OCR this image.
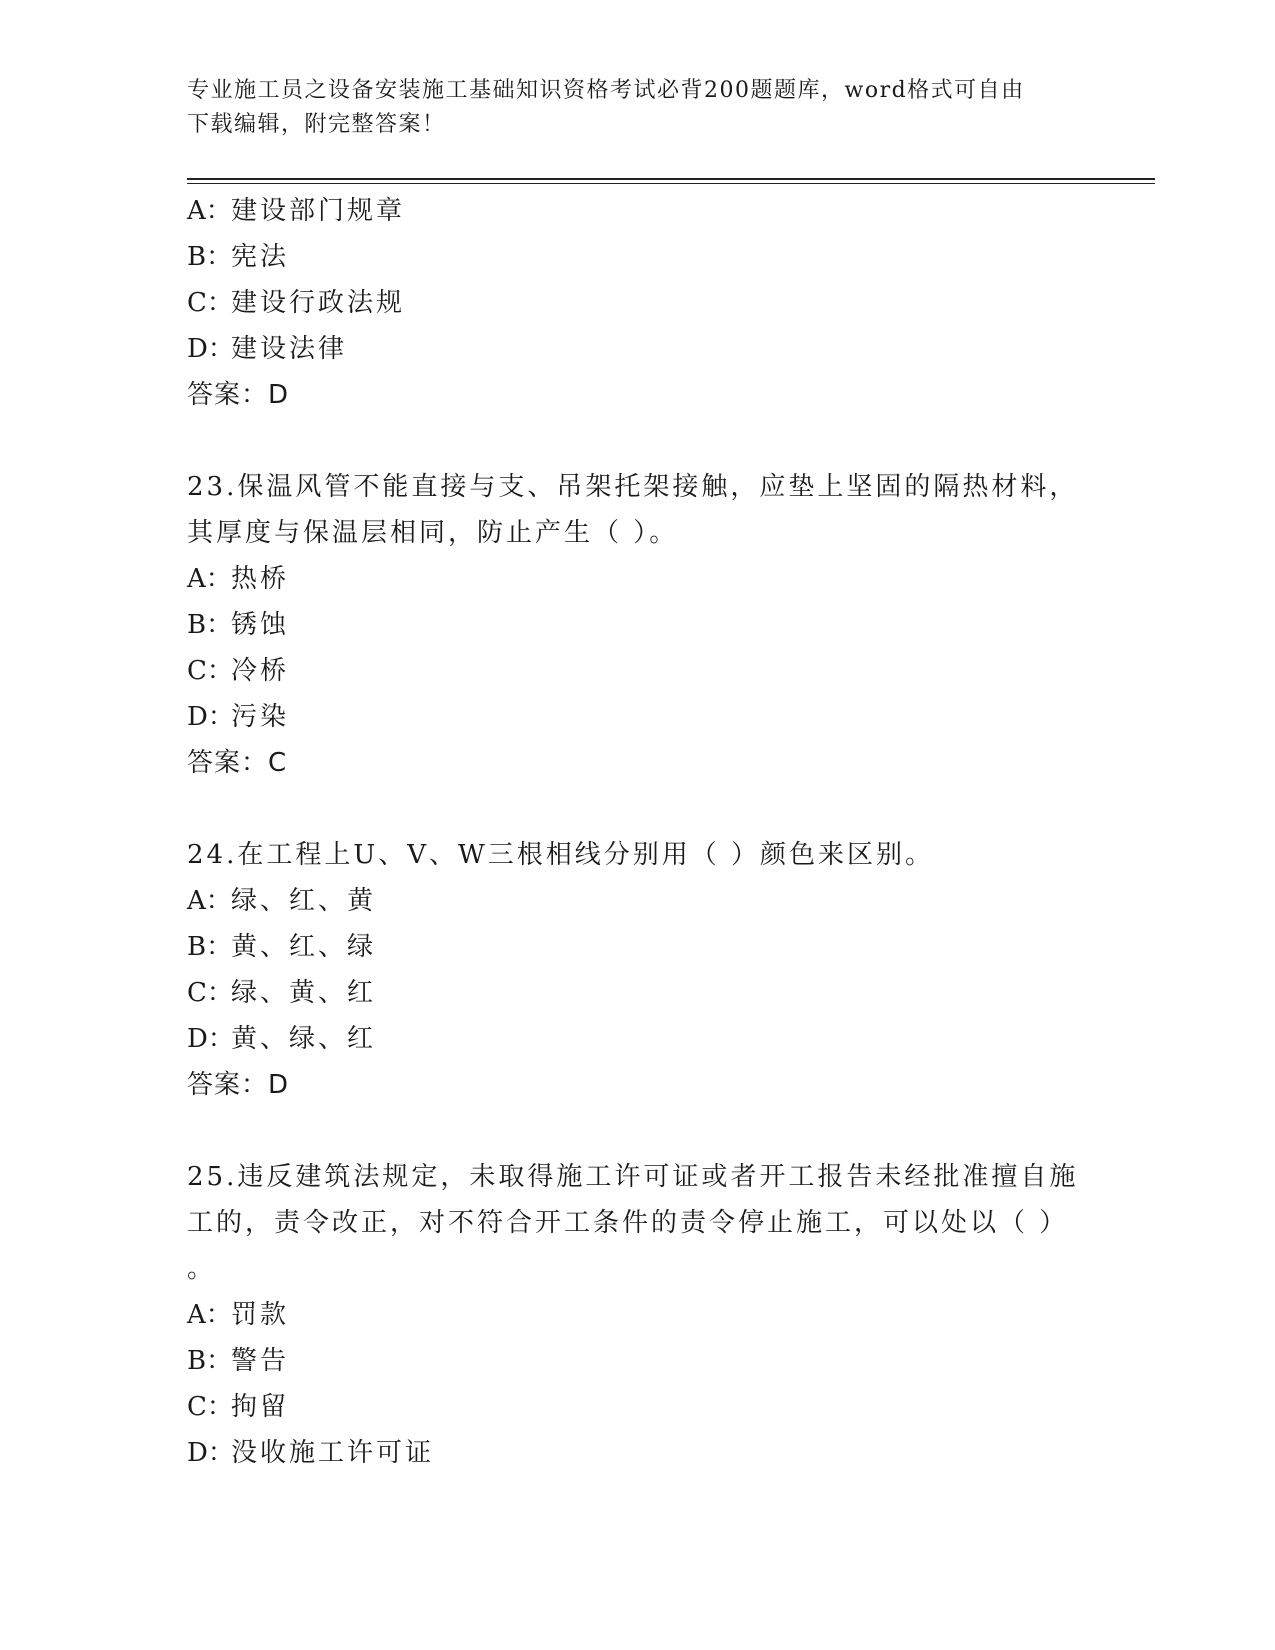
专业施工员之设备安装施工基础知识资格考试必背200题题库，word格式可自由
下载编辑，附完整答案！
A：建设部门规章
B：宪法
C：建设行政法规
D：建设法律
答案：D
23.保温风管不能直接与支、吊架托架接触，应垫上坚固的隔热材料，
其厚度与保温层相同，防止产生（ ）。
A：热桥
B：锈蚀
C：冷桥
D：污染
答案：C
24.在工程上U、V、W三根相线分别用（ ）颜色来区别。
A：绿、红、黄
B：黄、红、绿
C：绿、黄、红
D：黄、绿、红
答案：D
25.违反建筑法规定，未取得施工许可证或者开工报告未经批准擅自施
工的，责令改正，对不符合开工条件的责令停止施工，可以处以（ ）
。
A：罚款
B：警告
C：拘留
D：没收施工许可证
